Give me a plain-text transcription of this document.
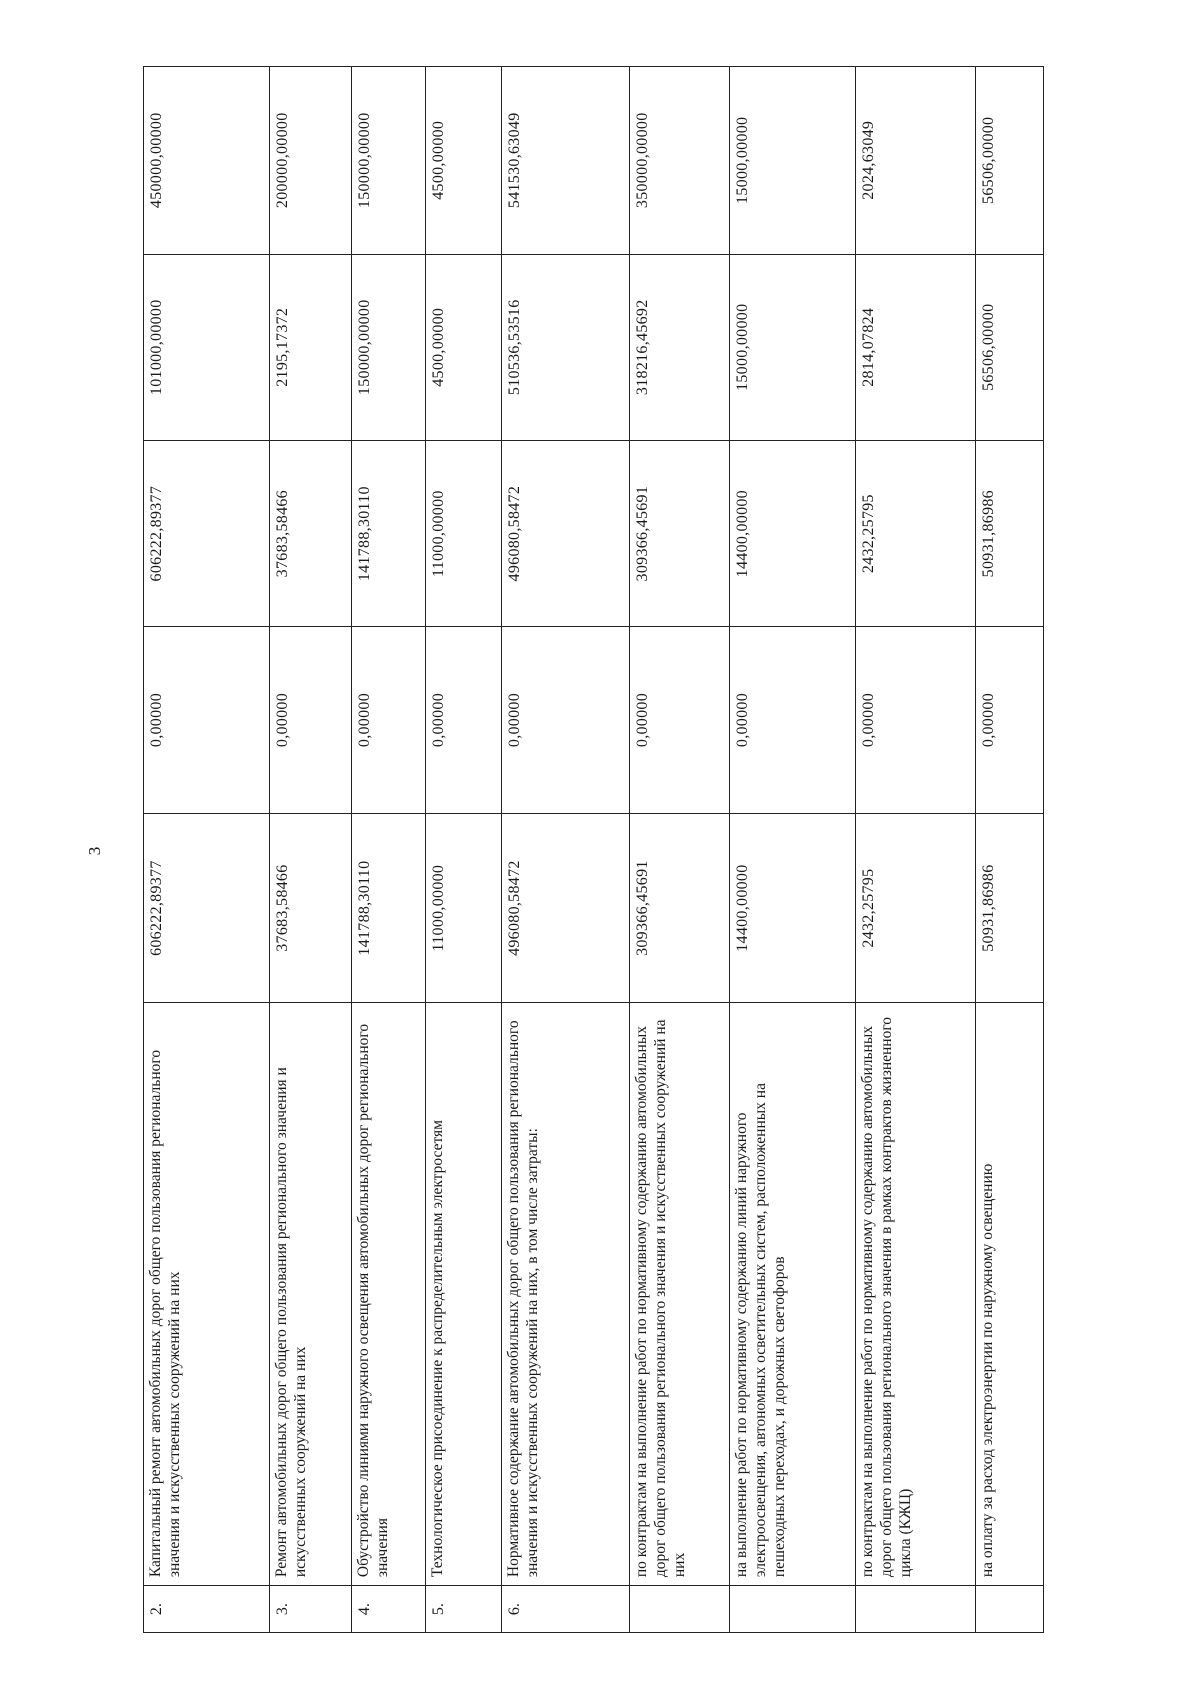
3
2.	Капитальный ремонт автомобильных дорог общего пользования регионального значения и искусственных сооружений на них	606222,89377	0,00000	606222,89377	101000,00000	450000,00000
3.	Ремонт автомобильных дорог общего пользования регионального значения и искусственных сооружений на них	37683,58466	0,00000	37683,58466	2195,17372	200000,00000
4.	Обустройство линиями наружного освещения автомобильных дорог регионального значения	141788,30110	0,00000	141788,30110	150000,00000	150000,00000
5.	Технологическое присоединение к распределительным электросетям	11000,00000	0,00000	11000,00000	4500,00000	4500,00000
6.	Нормативное содержание автомобильных дорог общего пользования регионального значения и искусственных сооружений на них, в том числе затраты:	496080,58472	0,00000	496080,58472	510536,53516	541530,63049
	по контрактам на выполнение работ по нормативному содержанию автомобильных дорог общего пользования регионального значения и искусственных сооружений на них	309366,45691	0,00000	309366,45691	318216,45692	350000,00000
	на выполнение работ по нормативному содержанию линий наружного электроосвещения, автономных осветительных систем, расположенных на пешеходных переходах, и дорожных светофоров	14400,00000	0,00000	14400,00000	15000,00000	15000,00000
	по контрактам на выполнение работ по нормативному содержанию автомобильных дорог общего пользования регионального значения в рамках контрактов жизненного цикла (КЖЦ)	2432,25795	0,00000	2432,25795	2814,07824	2024,63049
	на оплату за расход электроэнергии по наружному освещению	50931,86986	0,00000	50931,86986	56506,00000	56506,00000
